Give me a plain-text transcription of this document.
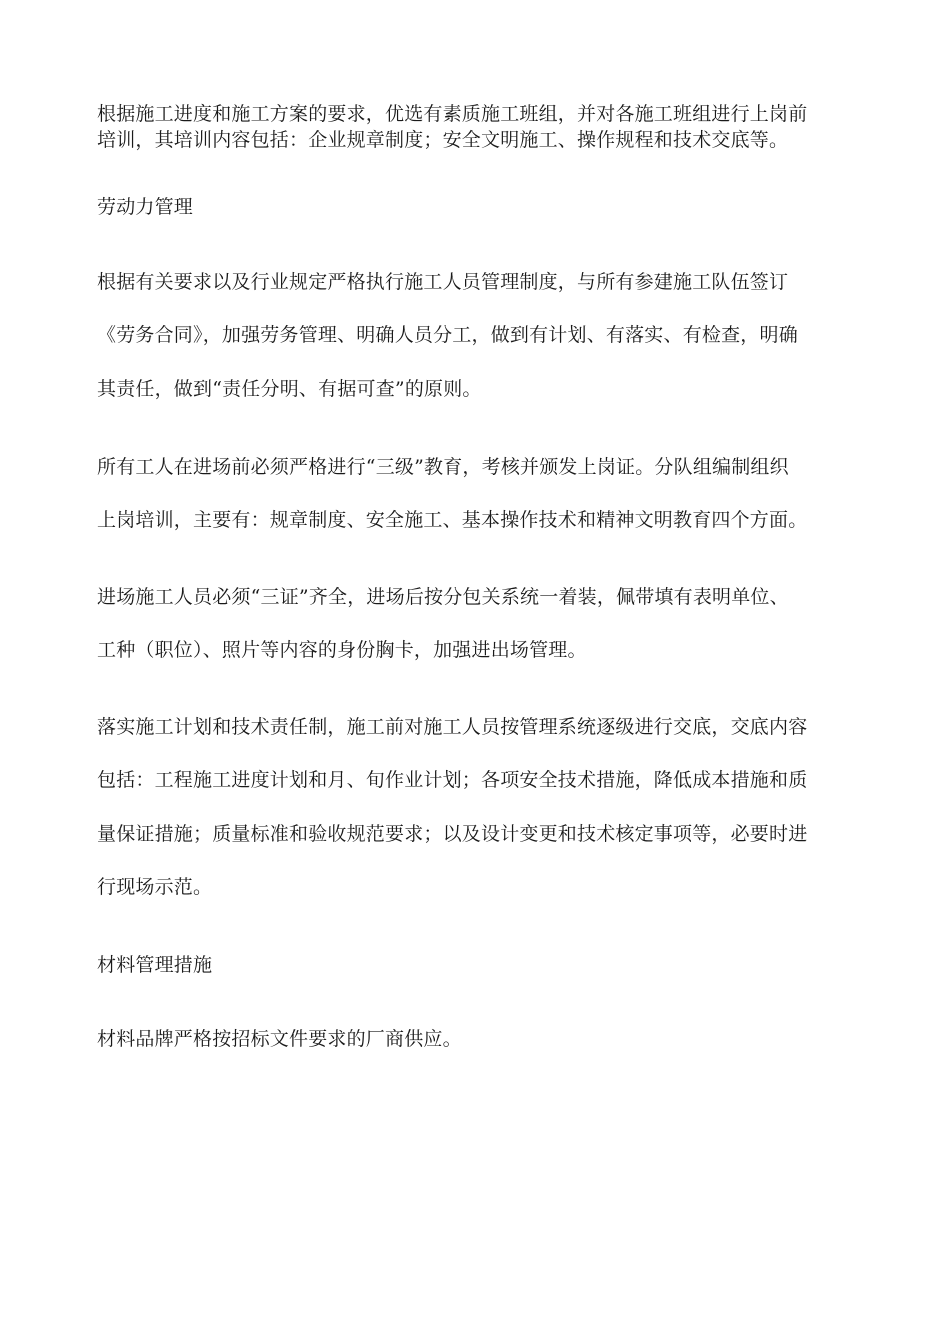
根据施工进度和施工方案的要求，优选有素质施工班组，并对各施工班组进行上岗前
培训，其培训内容包括：企业规章制度；安全文明施工、操作规程和技术交底等。
劳动力管理
根据有关要求以及行业规定严格执行施工人员管理制度，与所有参建施工队伍签订
《劳务合同》，加强劳务管理、明确人员分工，做到有计划、有落实、有检查，明确
其责任，做到“责任分明、有据可查”的原则。
所有工人在进场前必须严格进行“三级”教育，考核并颁发上岗证。分队组编制组织
上岗培训，主要有：规章制度、安全施工、基本操作技术和精神文明教育四个方面。
进场施工人员必须“三证”齐全，进场后按分包关系统一着装，佩带填有表明单位、
工种（职位）、照片等内容的身份胸卡，加强进出场管理。
落实施工计划和技术责任制，施工前对施工人员按管理系统逐级进行交底，交底内容
包括：工程施工进度计划和月、旬作业计划；各项安全技术措施，降低成本措施和质
量保证措施；质量标准和验收规范要求；以及设计变更和技术核定事项等，必要时进
行现场示范。
材料管理措施
材料品牌严格按招标文件要求的厂商供应。
